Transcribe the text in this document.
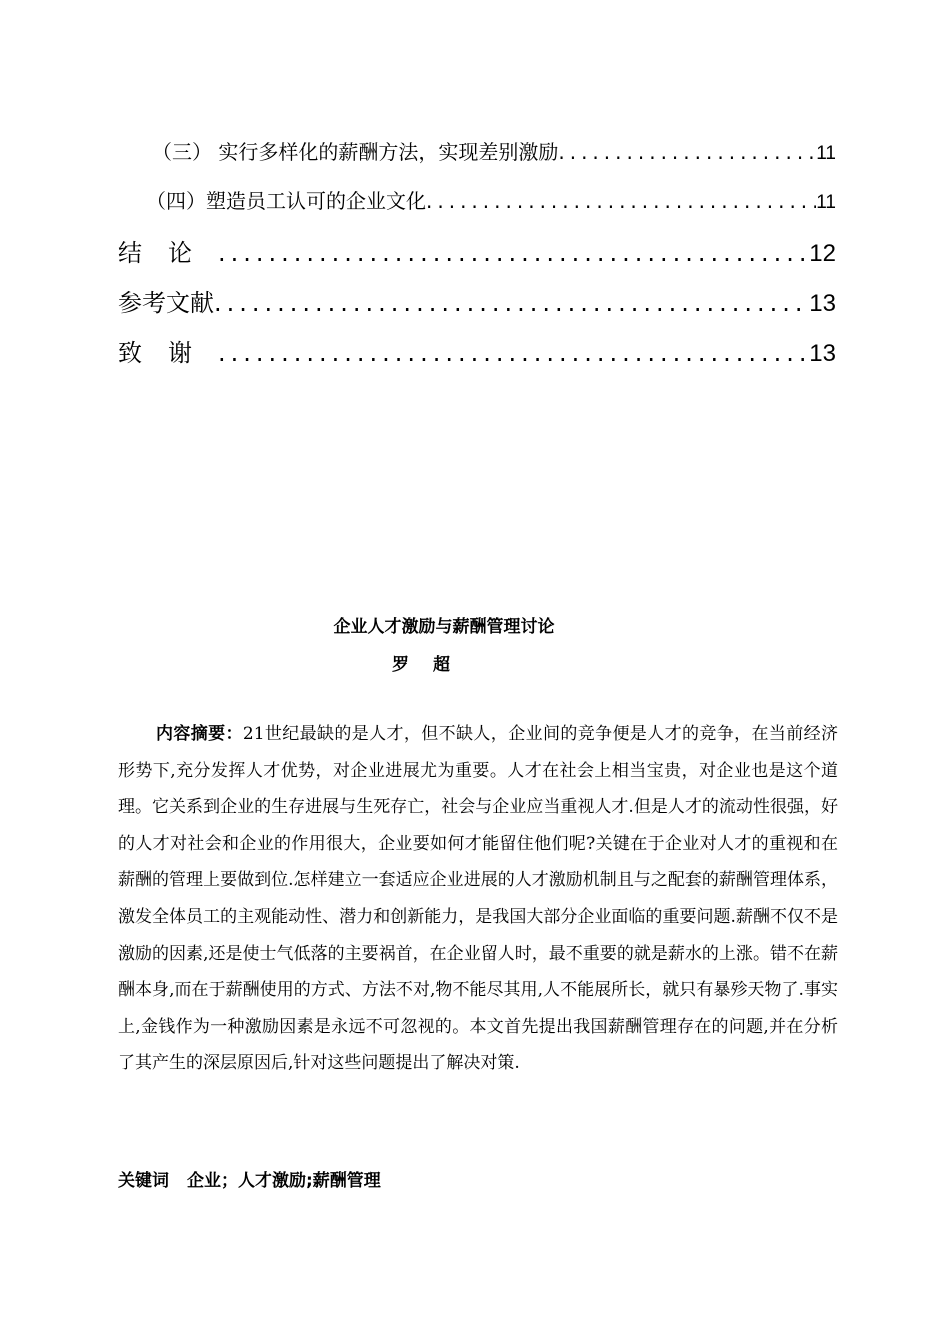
（三） 实行多样化的薪酬方法，实现差别激励 .....	11
（四）塑造员工认可的企业文化 .....	11
结论 .....	12
参考文献 .....	13
致谢 .....	13
企业人才激励与薪酬管理讨论
罗超
内容摘要：21世纪最缺的是人才，但不缺人，企业间的竞争便是人才的竞争，在当前经济形势下,充分发挥人才优势，对企业进展尤为重要。人才在社会上相当宝贵，对企业也是这个道理。它关系到企业的生存进展与生死存亡，社会与企业应当重视人才.但是人才的流动性很强，好的人才对社会和企业的作用很大，企业要如何才能留住他们呢?关键在于企业对人才的重视和在薪酬的管理上要做到位.怎样建立一套适应企业进展的人才激励机制且与之配套的薪酬管理体系，激发全体员工的主观能动性、潜力和创新能力，是我国大部分企业面临的重要问题.薪酬不仅不是激励的因素,还是使士气低落的主要祸首，在企业留人时，最不重要的就是薪水的上涨。错不在薪酬本身,而在于薪酬使用的方式、方法不对,物不能尽其用,人不能展所长，就只有暴殄天物了.事实上,金钱作为一种激励因素是永远不可忽视的。本文首先提出我国薪酬管理存在的问题,并在分析了其产生的深层原因后,针对这些问题提出了解决对策.
关键词 企业；人才激励;薪酬管理
